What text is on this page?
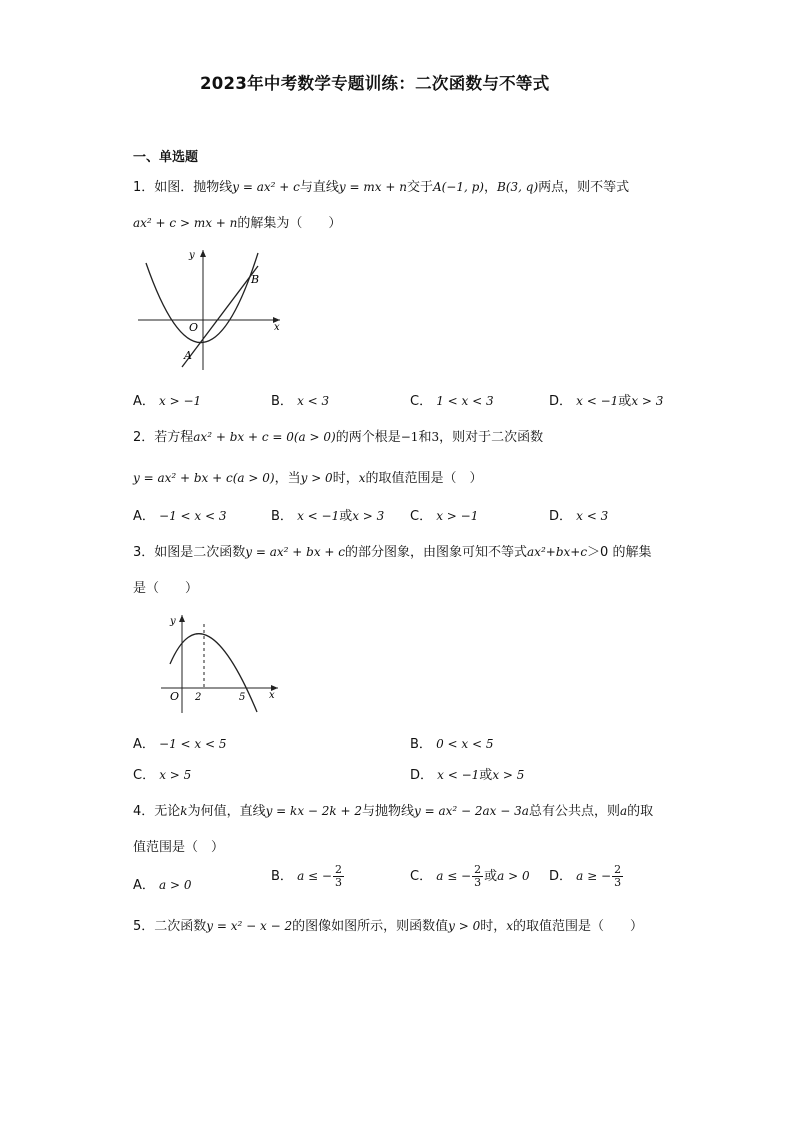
2023年中考数学专题训练：二次函数与不等式
一、单选题
1．如图．抛物线y = ax² + c与直线y = mx + n交于A(−1, p)，B(3, q)两点，则不等式
ax² + c > mx + n的解集为（　　）
y
x
O
A
B
A． x > −1	B． x < 3	C． 1 < x < 3	D． x < −1或x > 3
2．若方程ax² + bx + c = 0(a > 0)的两个根是−1和3，则对于二次函数
y = ax² + bx + c(a > 0)，当y > 0时，x的取值范围是（　）
A． −1 < x < 3	B． x < −1或x > 3 C． x > −1	D． x < 3
3．如图是二次函数y = ax² + bx + c的部分图象，由图象可知不等式ax²+bx+c＞0 的解集
是（　　）
y
x
O 2	5
A． −1 < x < 5	B． 0 < x < 5
C． x > 5	D． x < −1或x > 5
4．无论k为何值，直线y = kx − 2k + 2与抛物线y = ax² − 2ax − 3a总有公共点，则a的取
值范围是（　）
A． a > 0
B． a ≤ − $\frac{2}{3}$	C． a ≤ − $\frac{2}{3}$ 或a > 0 D． a ≥ − $\frac{2}{3}$
5．二次函数y = x² − x − 2的图像如图所示，则函数值y > 0时，x的取值范围是（　　）
